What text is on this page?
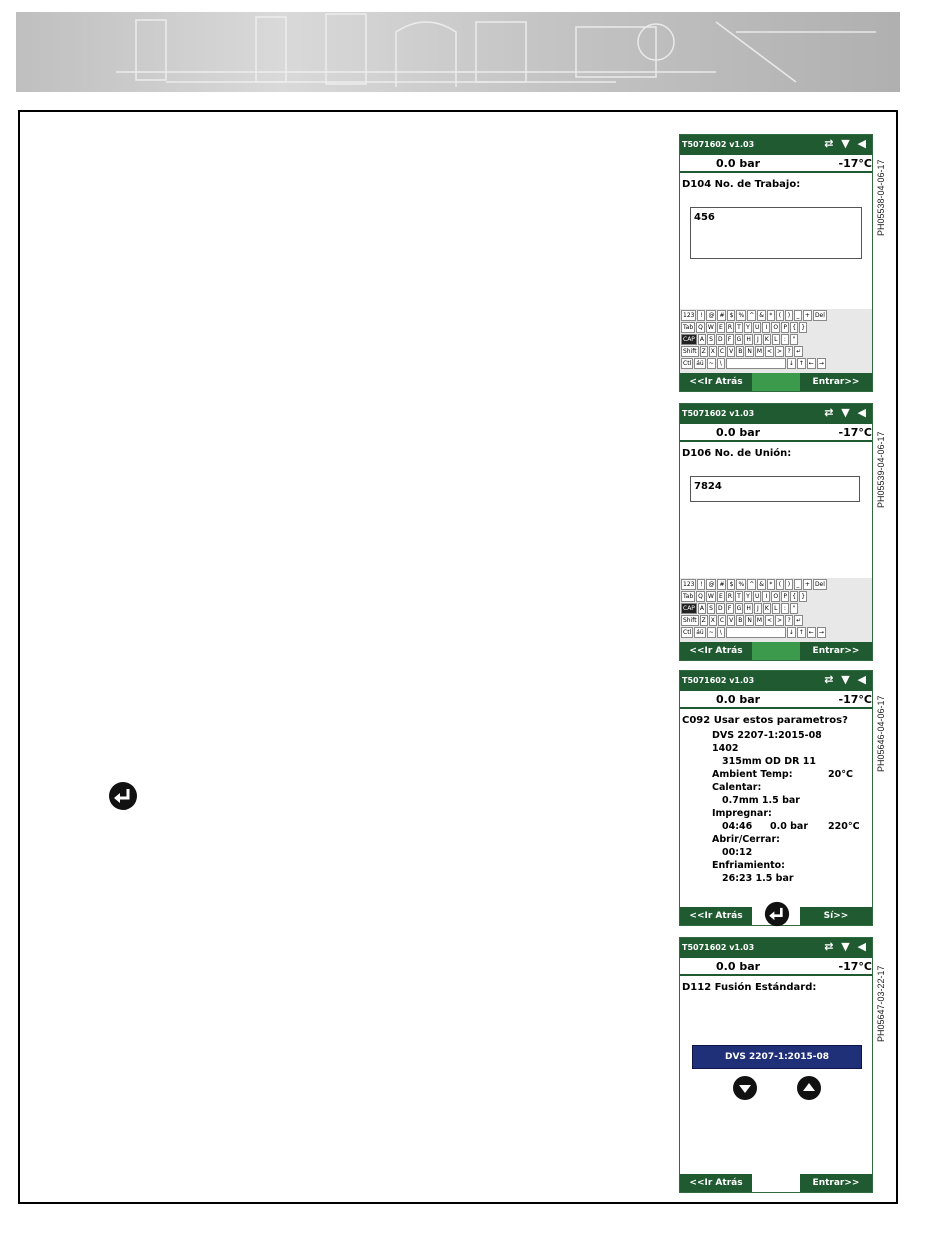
T5071602 v1.03	⇄ ▼ ◀
0.0 bar	-17°C
D104 No. de Trabajo:
456
123 ! @ # $ % ^ & *	(	)	_ + Del
Tab Q W E R T Y U	I	O P { }
CAP A S D F G H	J	K L	:	"
Shift Z X C V B N M < > ? ↵
Ctl áü ~ \	↓ ↑ ← →
<<Ir Atrás	Entrar>>
PH05538-04-06-17
T5071602 v1.03	⇄ ▼ ◀
0.0 bar	-17°C
D106 No. de Unión:
7824
123 ! @ # $ % ^ & *	(	)	_ + Del
Tab Q W E R T Y U	I	O P { }
CAP A S D F G H	J	K L	:	"
Shift Z X C V B N M < > ? ↵
Ctl áü ~ \	↓ ↑ ← →
<<Ir Atrás	Entrar>>
PH05539-04-06-17
T5071602 v1.03	⇄ ▼ ◀
0.0 bar	-17°C
C092 Usar estos parametros?
DVS 2207-1:2015-08
1402
315mm OD DR 11
Ambient Temp:	20°C
Calentar:
0.7mm 1.5 bar
Impregnar:
04:46 0.0 bar 220°C
Abrir/Cerrar:
00:12
Enfriamiento:
26:23 1.5 bar
<<Ir Atrás	Sí>>
PH05646-04-06-17
T5071602 v1.03	⇄ ▼ ◀
0.0 bar	-17°C
D112 Fusión Estándard:
DVS 2207-1:2015-08
<<Ir Atrás	Entrar>>
PH05647-03-22-17
